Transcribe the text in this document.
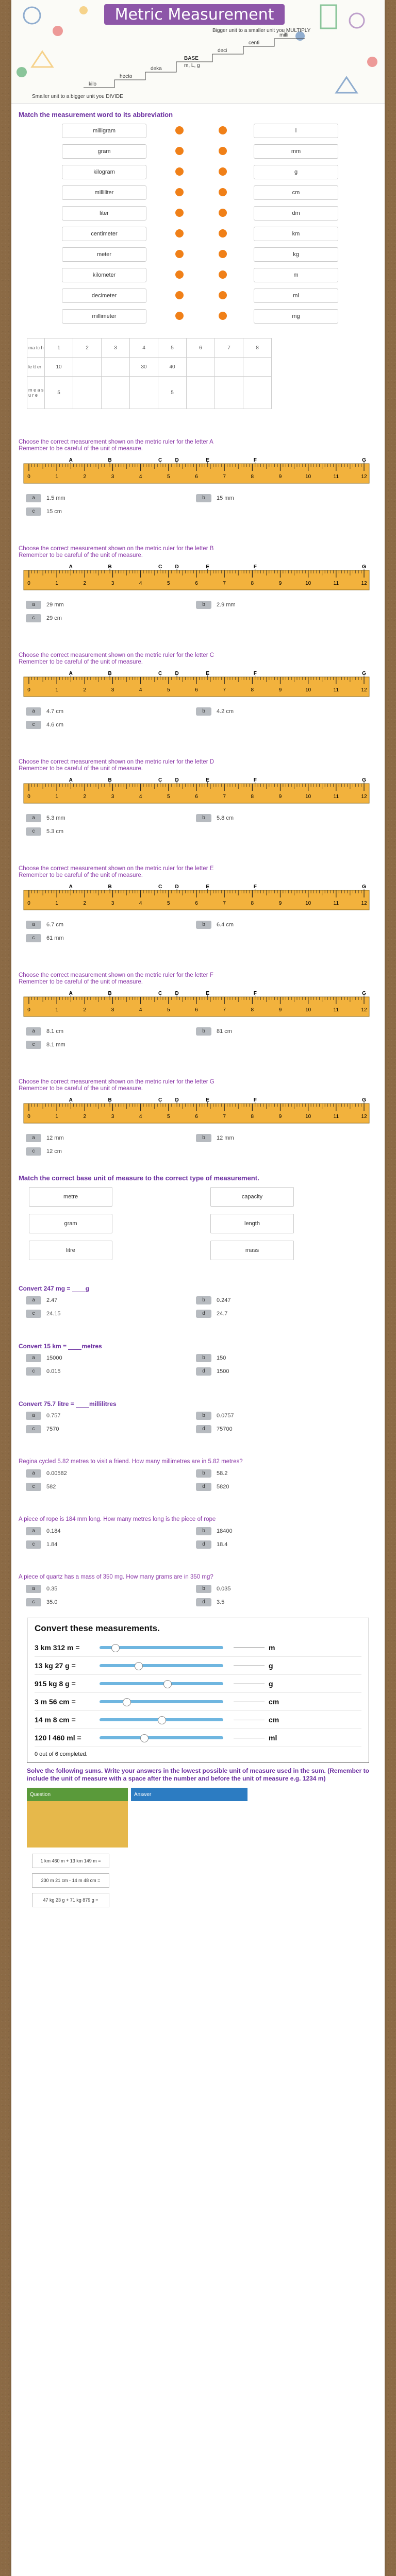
Metric Measurement
kilo
hecto
deka
BASE
m, L, g
deci
centi
milli
Bigger unit to a smaller unit you MULTIPLY
Smaller unit to a bigger unit you DIVIDE
Match the measurement word to its abbreviation
milligram	l
gram	mm
kilogram	g
milliliter	cm
liter	dm
centimeter	km
meter	kg
kilometer	m
decimeter	ml
millimeter	mg
ma tc h	1	2	3	4	5	6	7	8
le tt er	10			30	40			
m e a s u r e	5				5			
Choose the correct measurement shown on the metric ruler for the letter A
Remember to be careful of the unit of measure.
0	1	2	3	4	5	6	7	8	9	10	11	12
A	B	C	D	E	F	G
a	1.5 mm	b	15 mm
c	15 cm
Choose the correct measurement shown on the metric ruler for the letter B
Remember to be careful of the unit of measure.
0	1	2	3	4	5	6	7	8	9	10	11	12
A	B	C	D	E	F	G
a	29 mm	b	2.9 mm
c	29 cm
Choose the correct measurement shown on the metric ruler for the letter C
Remember to be careful of the unit of measure.
0	1	2	3	4	5	6	7	8	9	10	11	12
A	B	C	D	E	F	G
a	4.7 cm	b	4.2 cm
c	4.6 cm
Choose the correct measurement shown on the metric ruler for the letter D
Remember to be careful of the unit of measure.
0	1	2	3	4	5	6	7	8	9	10	11	12
A	B	C	D	E	F	G
a	5.3 mm	b	5.8 cm
c	5.3 cm
Choose the correct measurement shown on the metric ruler for the letter E
Remember to be careful of the unit of measure.
0	1	2	3	4	5	6	7	8	9	10	11	12
A	B	C	D	E	F	G
a	6.7 cm	b	6.4 cm
c	61 mm
Choose the correct measurement shown on the metric ruler for the letter F
Remember to be careful of the unit of measure.
0	1	2	3	4	5	6	7	8	9	10	11	12
A	B	C	D	E	F	G
a	8.1 cm	b	81 cm
c	8.1 mm
Choose the correct measurement shown on the metric ruler for the letter G
Remember to be careful of the unit of measure.
0	1	2	3	4	5	6	7	8	9	10	11	12
A	B	C	D	E	F	G
a	12 mm	b	12 mm
c	12 cm
Match the correct base unit of measure to the correct type of measurement.
metre
gram
litre
capacity
length
mass
Convert 247 mg = g
a	2.47	b	0.247
c	24.15	d	24.7
Convert 15 km = metres
a	15000	b	150
c	0.015	d	1500
Convert 75.7 litre = millilitres
a	0.757	b	0.0757
c	7570	d	75700
Regina cycled 5.82 metres to visit a friend. How many millimetres are in 5.82 metres?
a	0.00582	b	58.2
c	582	d	5820
A piece of rope is 184 mm long. How many metres long is the piece of rope
a	0.184	b	18400
c	1.84	d	18.4
A piece of quartz has a mass of 350 mg. How many grams are in 350 mg?
a	0.35	b	0.035
c	35.0	d	3.5
Convert these measurements.
3 km 312 m =	m
13 kg 27 g =	g
915 kg 8 g =	g
3 m 56 cm =	cm
14 m 8 cm =	cm
120 l 460 ml =	ml
0 out of 6 completed.
Solve the following sums. Write your answers in the lowest possible unit of measure used in the sum. (Remember to include the unit of measure with a space after the number and before the unit of measure e.g. 1234 m)
Question	Answer
1 km 460 m + 13 km 149 m =
230 m 21 cm - 14 m 48 cm =
47 kg 23 g + 71 kg 879 g =
